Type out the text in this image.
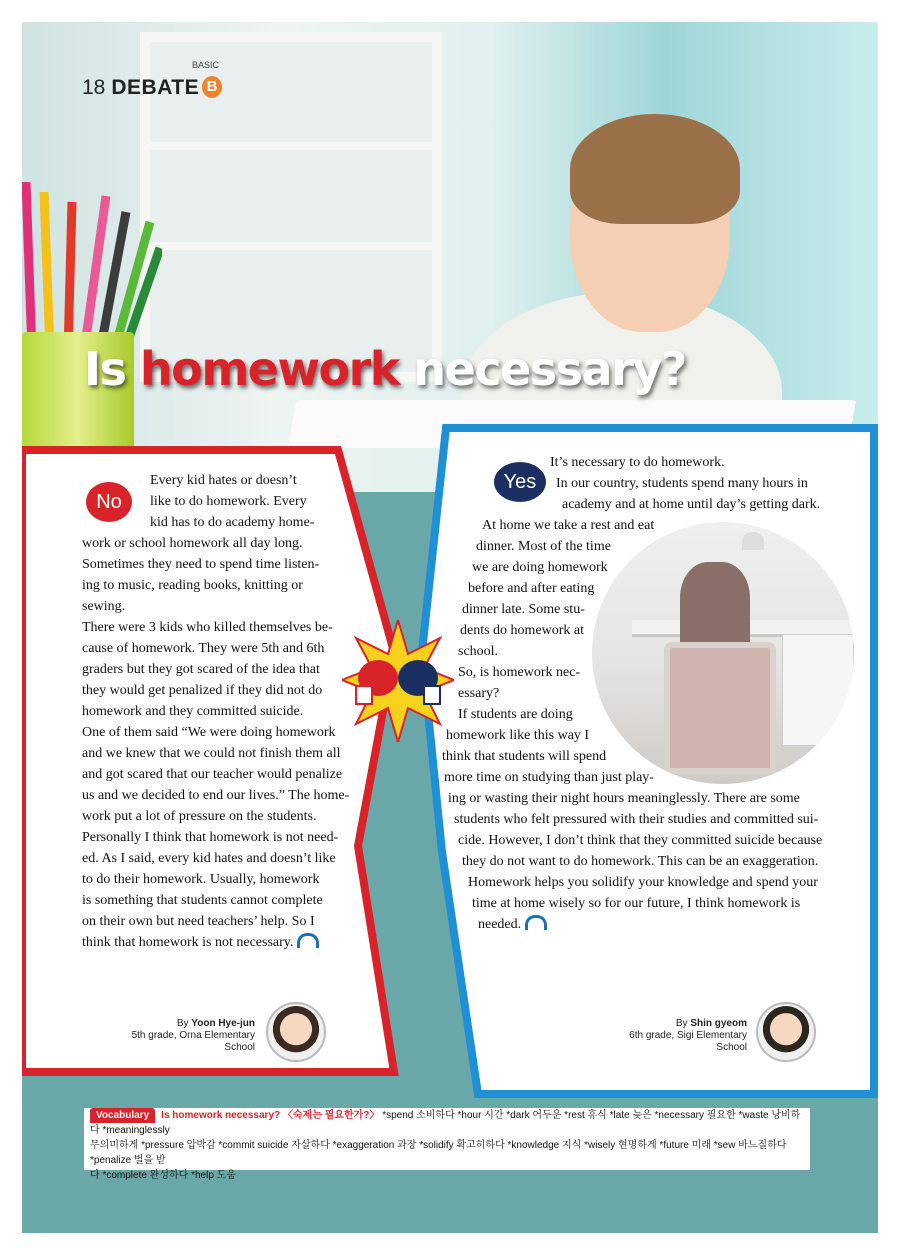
18 DEBATE
BASIC
B
Is homework necessary?
No
Yes
Every kid hates or doesn’t
like to do homework. Every
kid has to do academy home-
work or school homework all day long.
Sometimes they need to spend time listen-
ing to music, reading books, knitting or
sewing.
There were 3 kids who killed themselves be-
cause of homework. They were 5th and 6th
graders but they got scared of the idea that
they would get penalized if they did not do
homework and they committed suicide.
One of them said “We were doing homework
and we knew that we could not finish them all
and got scared that our teacher would penalize
us and we decided to end our lives.” The home-
work put a lot of pressure on the students.
Personally I think that homework is not need-
ed. As I said, every kid hates and doesn’t like
to do their homework. Usually, homework
is something that students cannot complete
on their own but need teachers’ help. So I
think that homework is not necessary.
It’s necessary to do homework.
In our country, students spend many hours in
academy and at home until day’s getting dark.
At home we take a rest and eat
dinner. Most of the time
we are doing homework
before and after eating
dinner late. Some stu-
dents do homework at
school.
So, is homework nec-
essary?
If students are doing
homework like this way I
think that students will spend
more time on studying than just play-
ing or wasting their night hours meaninglessly. There are some
students who felt pressured with their studies and committed sui-
cide. However, I don’t think that they committed suicide because
they do not want to do homework. This can be an exaggeration.
Homework helps you solidify your knowledge and spend your
time at home wisely so for our future, I think homework is
needed.
By Yoon Hye-jun
5th grade, Orna Elementary School
By Shin gyeom
6th grade, Sigi Elementary School
Vocabulary Is homework necessary? 〈숙제는 필요한가?〉 *spend 소비하다 *hour 시간 *dark 어두운 *rest 휴식 *late 늦은 *necessary 필요한 *waste 낭비하다 *meaninglessly
무의미하게 *pressure 압박감 *commit suicide 자살하다 *exaggeration 과장 *solidify 확고히하다 *knowledge 지식 *wisely 현명하게 *future 미래 *sew 바느질하다 *penalize 벌을 받
다 *complete 완성하다 *help 도움
